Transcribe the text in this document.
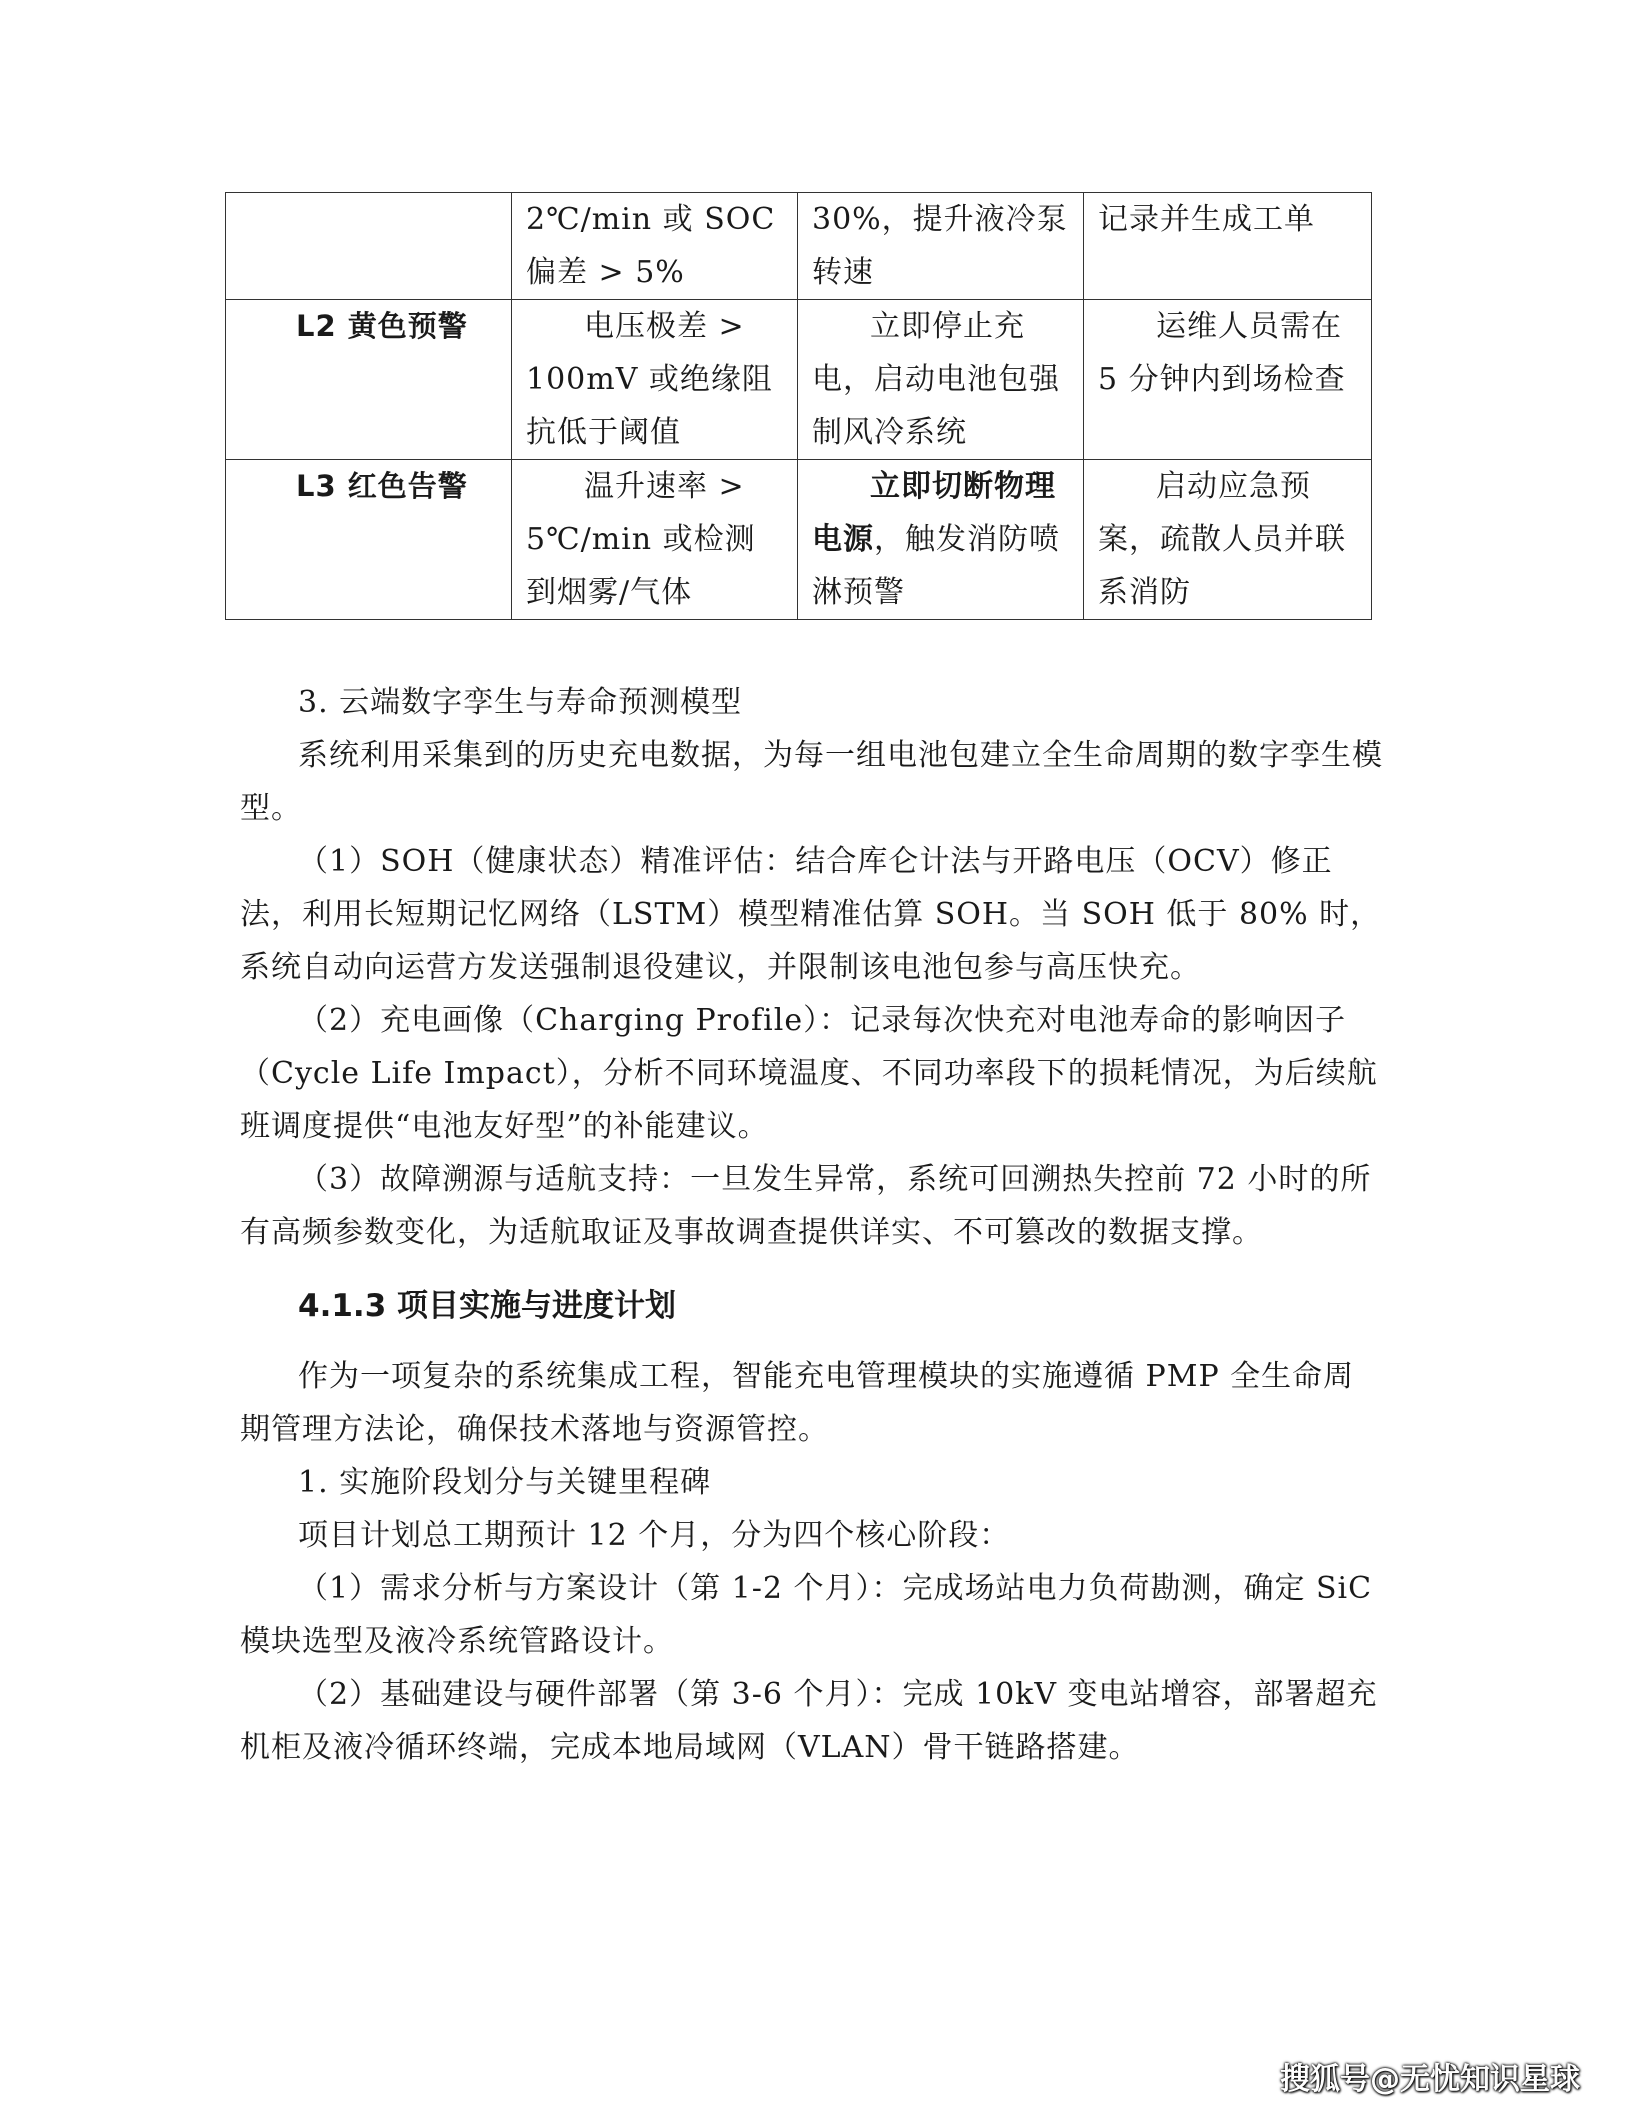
	2℃/min 或 SOC 偏差 > 5%	30%，提升液冷泵转速	记录并生成工单
L2 黄色预警	电压极差 > 100mV 或绝缘阻抗低于阈值	立即停止充电，启动电池包强制风冷系统	运维人员需在 5 分钟内到场检查
L3 红色告警	温升速率 > 5℃/min 或检测到烟雾/气体	立即切断物理电源，触发消防喷淋预警	启动应急预案，疏散人员并联系消防
3. 云端数字孪生与寿命预测模型
系统利用采集到的历史充电数据，为每一组电池包建立全生命周期的数字孪生模型。
（1）SOH（健康状态）精准评估：结合库仑计法与开路电压（OCV）修正法，利用长短期记忆网络（LSTM）模型精准估算 SOH。当 SOH 低于 80% 时，系统自动向运营方发送强制退役建议，并限制该电池包参与高压快充。
（2）充电画像（Charging Profile）：记录每次快充对电池寿命的影响因子（Cycle Life Impact），分析不同环境温度、不同功率段下的损耗情况，为后续航班调度提供“电池友好型”的补能建议。
（3）故障溯源与适航支持：一旦发生异常，系统可回溯热失控前 72 小时的所有高频参数变化，为适航取证及事故调查提供详实、不可篡改的数据支撑。
4.1.3 项目实施与进度计划
作为一项复杂的系统集成工程，智能充电管理模块的实施遵循 PMP 全生命周期管理方法论，确保技术落地与资源管控。
1. 实施阶段划分与关键里程碑
项目计划总工期预计 12 个月，分为四个核心阶段：
（1）需求分析与方案设计（第 1-2 个月）：完成场站电力负荷勘测，确定 SiC 模块选型及液冷系统管路设计。
（2）基础建设与硬件部署（第 3-6 个月）：完成 10kV 变电站增容，部署超充机柜及液冷循环终端，完成本地局域网（VLAN）骨干链路搭建。
搜狐号@无忧知识星球
